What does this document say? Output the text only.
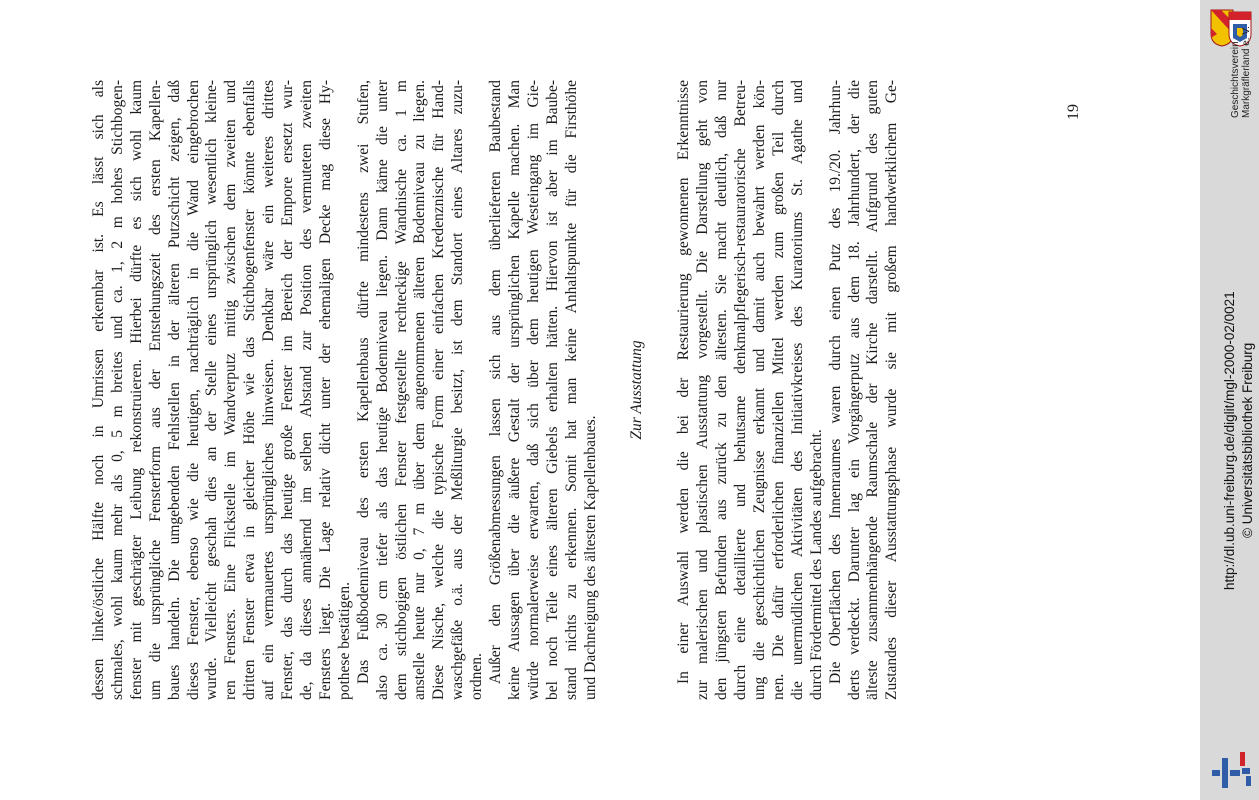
dessen linke/östliche Hälfte noch in Umrissen erkennbar ist. Es lässt sich als schmales, wohl kaum mehr als 0, 5 m breites und ca. 1, 2 m hohes Stichbogen- fenster mit geschrägter Leibung rekonstruieren. Hierbei dürfte es sich wohl kaum um die ursprüngliche Fensterform aus der Entstehungszeit des ersten Kapellen- baues handeln. Die umgebenden Fehlstellen in der älteren Putzschicht zeigen, daß dieses Fenster, ebenso wie die heutigen, nachträglich in die Wand eingebrochen wurde. Vielleicht geschah dies an der Stelle eines ursprünglich wesentlich kleine- ren Fensters. Eine Flickstelle im Wandverputz mittig zwischen dem zweiten und dritten Fenster etwa in gleicher Höhe wie das Stichbogenfenster könnte ebenfalls auf ein vermauertes ursprüngliches hinweisen. Denkbar wäre ein weiteres drittes Fenster, das durch das heutige große Fenster im Bereich der Empore ersetzt wur- de, da dieses annähernd im selben Abstand zur Position des vermuteten zweiten Fensters liegt. Die Lage relativ dicht unter der ehemaligen Decke mag diese Hy- pothese bestätigen. Das Fußbodenniveau des ersten Kapellenbaus dürfte mindestens zwei Stufen, also ca. 30 cm tiefer als das heutige Bodenniveau liegen. Dann käme die unter dem stichbogigen östlichen Fenster festgestellte rechteckige Wandnische ca. 1 m anstelle heute nur 0, 7 m über dem angenommenen älteren Bodenniveau zu liegen. Diese Nische, welche die typische Form einer einfachen Kredenznische für Hand- waschgefäße o.ä. aus der Meßliturgie besitzt, ist dem Standort eines Altares zuzu- ordnen. Außer den Größenabmessungen lassen sich aus dem überlieferten Baubestand keine Aussagen über die äußere Gestalt der ursprünglichen Kapelle machen. Man würde normalerweise erwarten, daß sich über dem heutigen Westeingang im Gie- bel noch Teile eines älteren Giebels erhalten hätten. Hiervon ist aber im Baube- stand nichts zu erkennen. Somit hat man keine Anhaltspunkte für die Firsthöhe und Dachneigung des ältesten Kapellenbaues.
Zur Ausstattung In einer Auswahl werden die bei der Restaurierung gewonnenen Erkenntnisse zur malerischen und plastischen Ausstattung vorgestellt. Die Darstellung geht von den jüngsten Befunden aus zurück zu den ältesten. Sie macht deutlich, daß nur durch eine detaillierte und behutsame denkmalpflegerisch-restauratorische Betreu- ung die geschichtlichen Zeugnisse erkannt und damit auch bewahrt werden kön- nen. Die dafür erforderlichen finanziellen Mittel werden zum großen Teil durch die unermüdlichen Aktivitäten des Initiativkreises des Kuratoriums St. Agathe und durch Fördermittel des Landes aufgebracht. Die Oberflächen des Innenraumes waren durch einen Putz des 19./20. Jahrhun- derts verdeckt. Darunter lag ein Vorgängerputz aus dem 18. Jahrhundert, der die älteste zusammenhängende Raumschale der Kirche darstellt. Aufgrund des guten Zustandes dieser Ausstattungsphase wurde sie mit großem handwerklichem Ge-	19	Geschichtsverein Markgräflerland e. V.
http://dl.ub.uni-freiburg.de/diglit/mgl-2000-02/0021 © Universitätsbibliothek Freiburg
